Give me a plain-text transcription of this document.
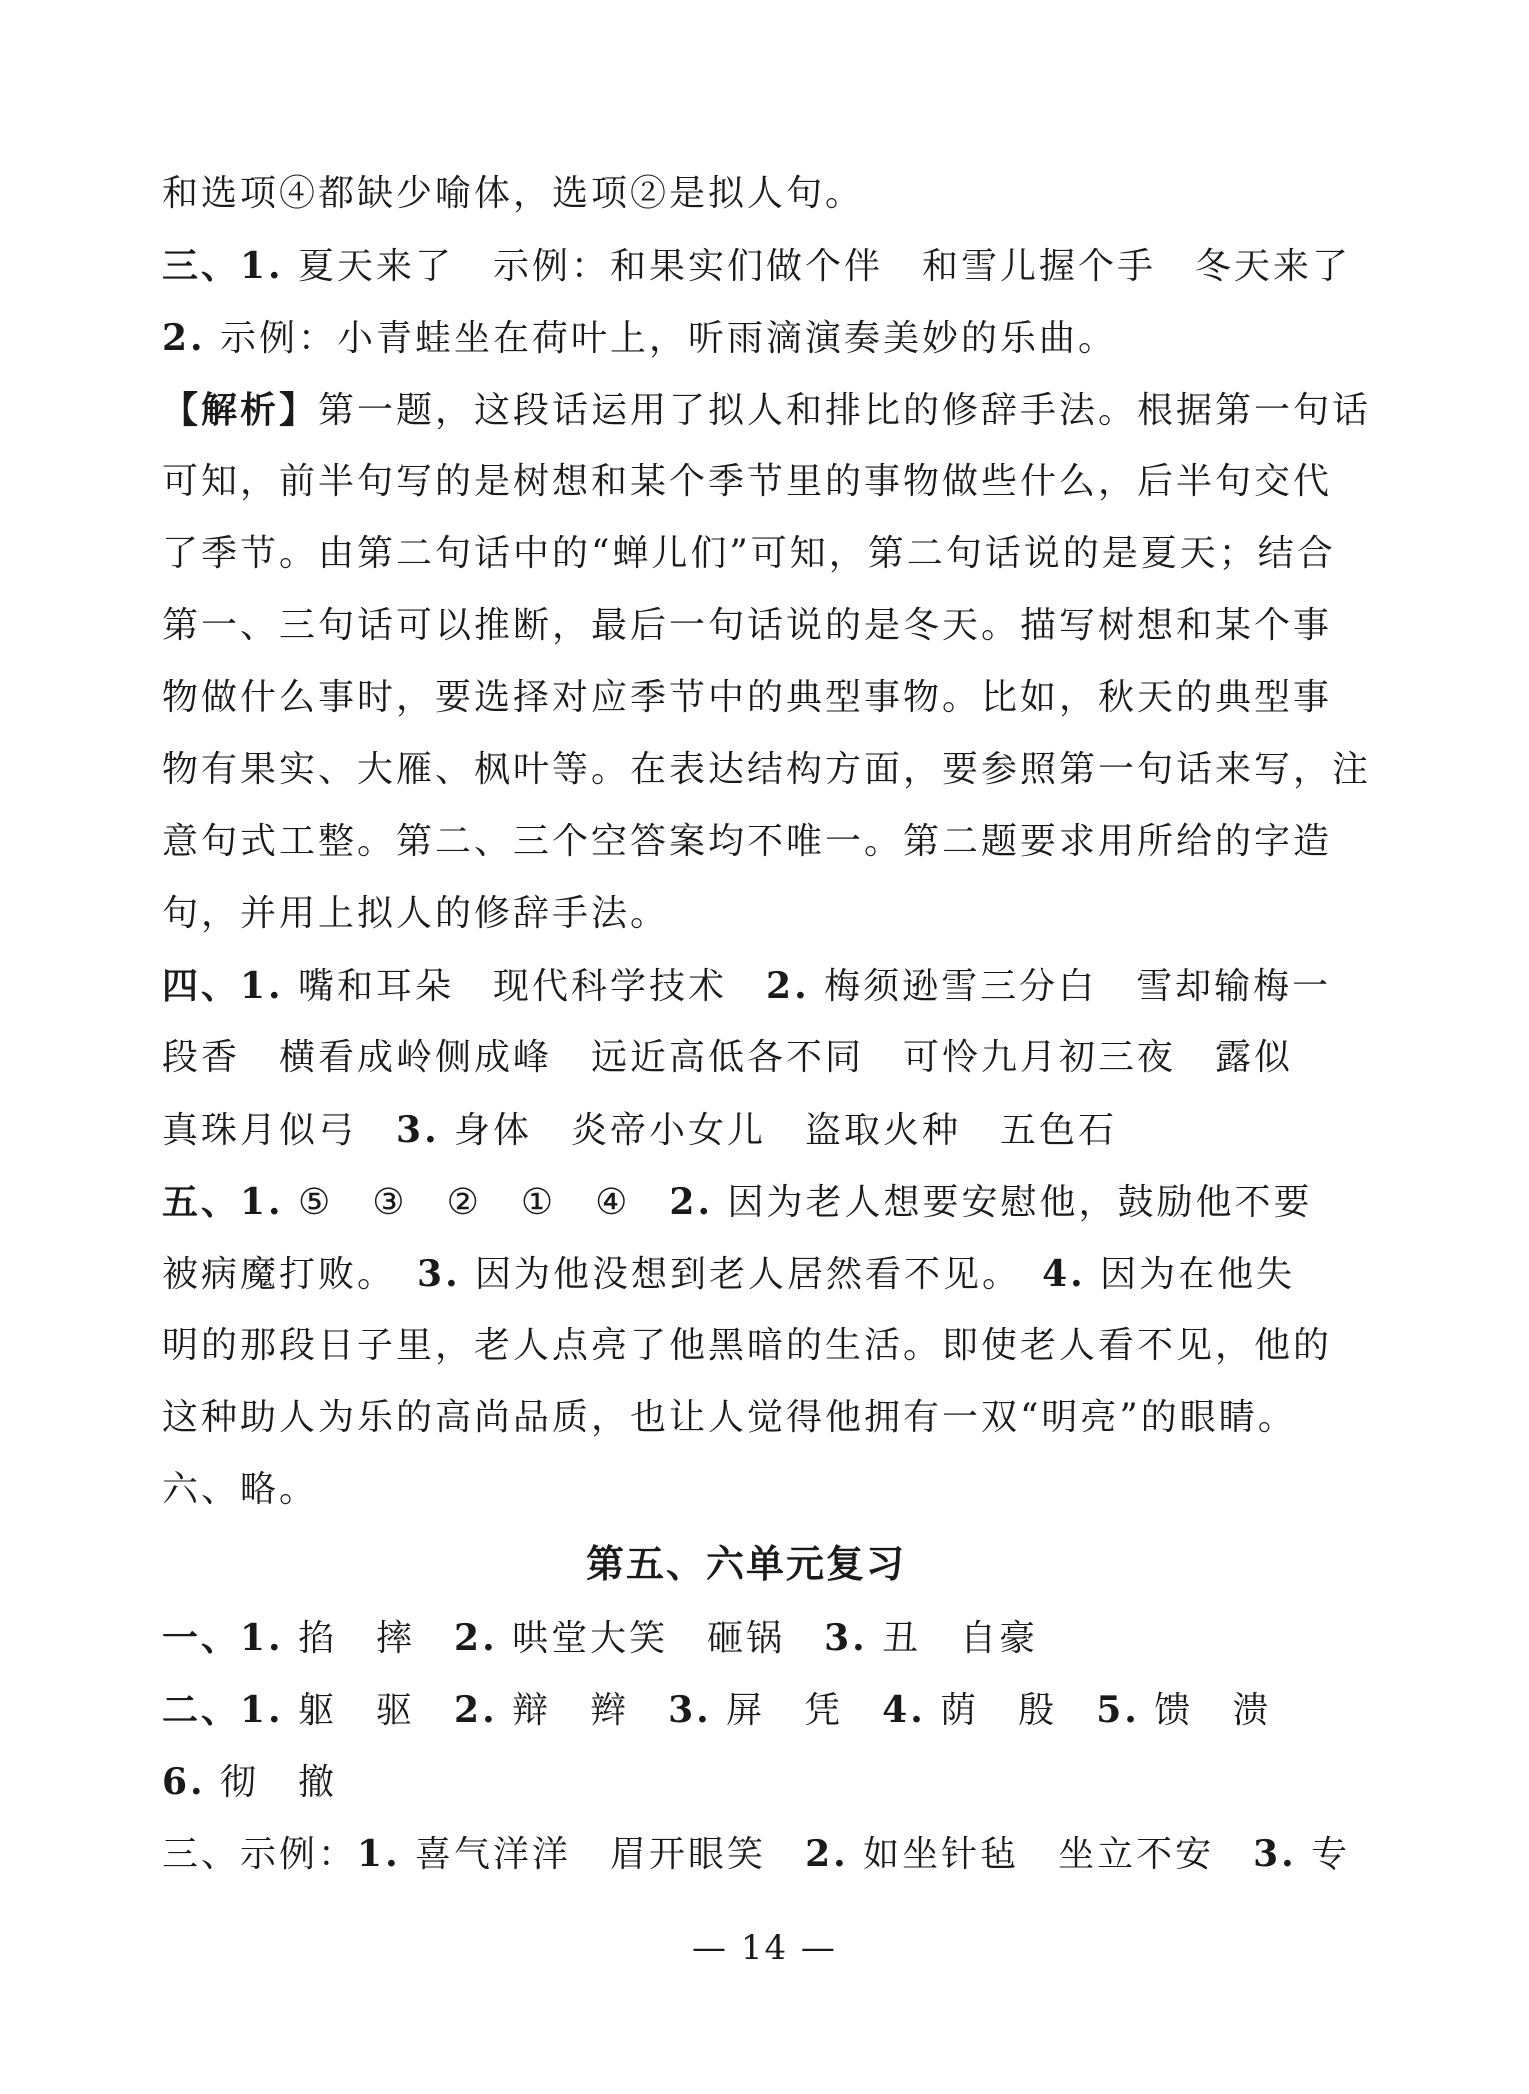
和选项④都缺少喻体，选项②是拟人句。
三、1. 夏天来了　示例：和果实们做个伴　和雪儿握个手　冬天来了
2. 示例：小青蛙坐在荷叶上，听雨滴演奏美妙的乐曲。
【解析】第一题，这段话运用了拟人和排比的修辞手法。根据第一句话
可知，前半句写的是树想和某个季节里的事物做些什么，后半句交代
了季节。由第二句话中的“蝉儿们”可知，第二句话说的是夏天；结合
第一、三句话可以推断，最后一句话说的是冬天。描写树想和某个事
物做什么事时，要选择对应季节中的典型事物。比如，秋天的典型事
物有果实、大雁、枫叶等。在表达结构方面，要参照第一句话来写，注
意句式工整。第二、三个空答案均不唯一。第二题要求用所给的字造
句，并用上拟人的修辞手法。
四、1. 嘴和耳朵　现代科学技术　2. 梅须逊雪三分白　雪却输梅一
段香　横看成岭侧成峰　远近高低各不同　可怜九月初三夜　露似
真珠月似弓　3. 身体　炎帝小女儿　盗取火种　五色石
五、1. ⑤　③　②　①　④　2. 因为老人想要安慰他，鼓励他不要
被病魔打败。　3. 因为他没想到老人居然看不见。　4. 因为在他失
明的那段日子里，老人点亮了他黑暗的生活。即使老人看不见，他的
这种助人为乐的高尚品质，也让人觉得他拥有一双“明亮”的眼睛。
六、略。
第五、六单元复习
一、1. 掐　摔　2. 哄堂大笑　砸锅　3. 丑　自豪
二、1. 躯　驱　2. 辩　辫　3. 屏　凭　4. 荫　殷　5. 馈　溃
6. 彻　撤
三、示例：1. 喜气洋洋　眉开眼笑　2. 如坐针毡　坐立不安　3. 专
— 14 —
